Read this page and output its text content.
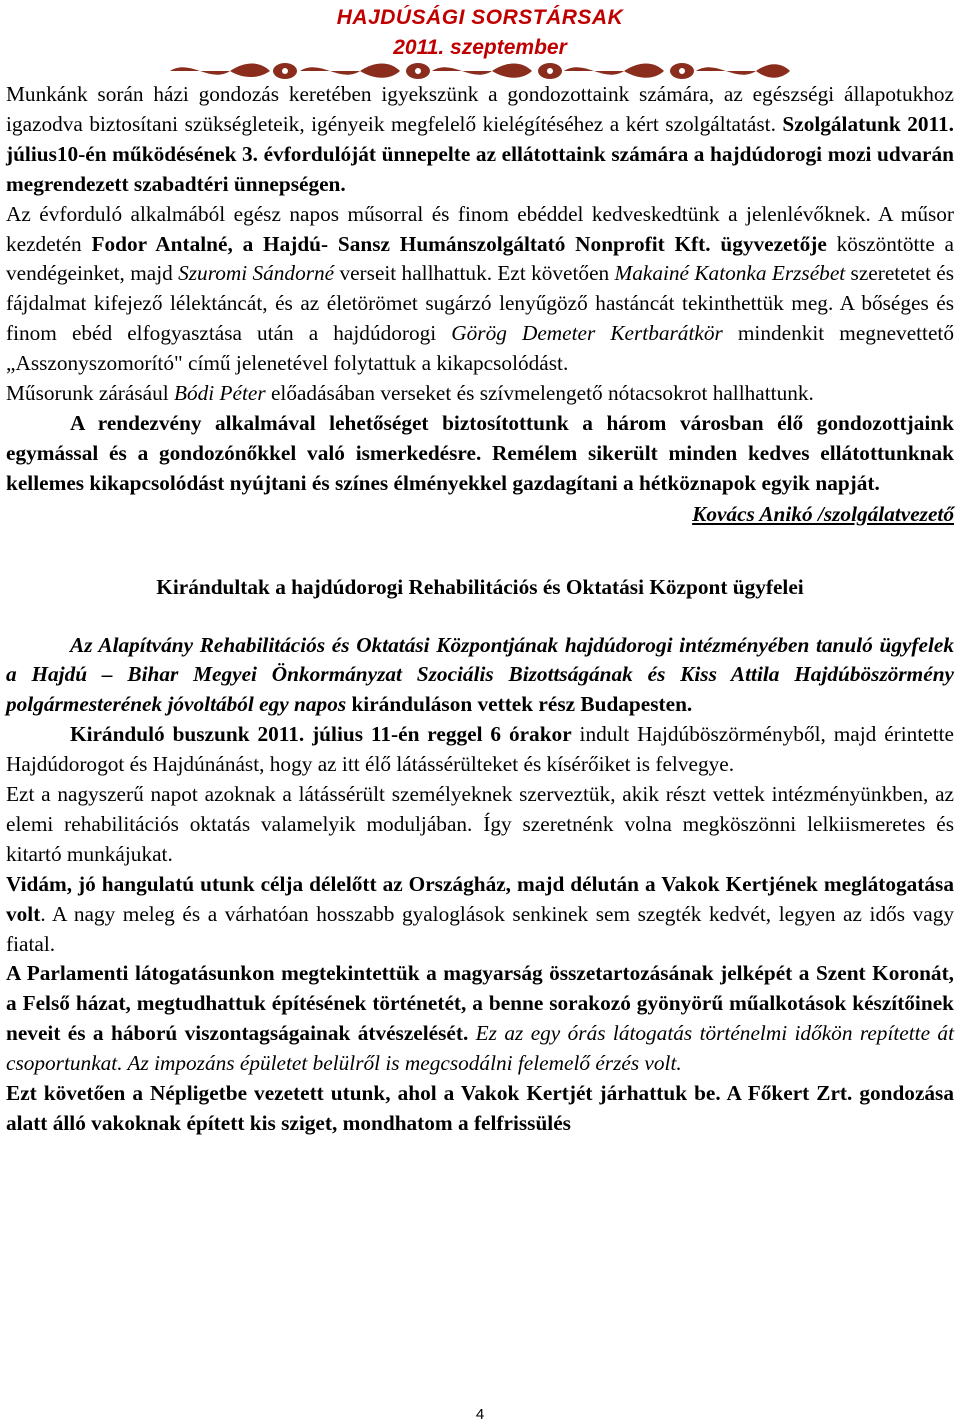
HAJDÚSÁGI SORSTÁRSAK
2011. szeptember

Munkánk során házi gondozás keretében igyekszünk a gondozottaink számára, az egészségi állapotukhoz igazodva biztosítani szükségleteik, igényeik megfelelő kielégítéséhez a kért szolgáltatást. Szolgálatunk 2011. július10-én működésének 3. évfordulóját ünnepelte az ellátottaink számára a hajdúdorogi mozi udvarán megrendezett szabadtéri ünnepségen.

Az évforduló alkalmából egész napos műsorral és finom ebéddel kedveskedtünk a jelenlévőknek. A műsor kezdetén Fodor Antalné, a Hajdú- Sansz Humánszolgáltató Nonprofit Kft. ügyvezetője köszöntötte a vendégeinket, majd Szuromi Sándorné verseit hallhattuk. Ezt követően Makainé Katonka Erzsébet szeretetet és fájdalmat kifejező lélektáncát, és az életörömet sugárzó lenyűgöző hastáncát tekinthettük meg. A bőséges és finom ebéd elfogyasztása után a hajdúdorogi Görög Demeter Kertbarátkör mindenkit megnevettető „Asszonyszomorító" című jelenetével folytattuk a kikapcsolódást.

Műsorunk zárásául Bódi Péter előadásában verseket és szívmelengető nótacsokrot hallhattunk.

A rendezvény alkalmával lehetőséget biztosítottunk a három városban élő gondozottjaink egymással és a gondozónőkkel való ismerkedésre. Remélem sikerült minden kedves ellátottunknak kellemes kikapcsolódást nyújtani és színes élményekkel gazdagítani a hétköznapok egyik napját.

Kovács Anikó /szolgálatvezető

Kirándultak a hajdúdorogi Rehabilitációs és Oktatási Központ ügyfelei

Az Alapítvány Rehabilitációs és Oktatási Központjának hajdúdorogi intézményében tanuló ügyfelek a Hajdú – Bihar Megyei Önkormányzat Szociális Bizottságának és Kiss Attila Hajdúböszörmény polgármesterének jóvoltából egy napos kiránduláson vettek rész Budapesten.

Kiránduló buszunk 2011. július 11-én reggel 6 órakor indult Hajdúböszörményből, majd érintette Hajdúdorogot és Hajdúnánást, hogy az itt élő látássérülteket és kísérőiket is felvegye.

Ezt a nagyszerű napot azoknak a látássérült személyeknek szerveztük, akik részt vettek intézményünkben, az elemi rehabilitációs oktatás valamelyik moduljában. Így szeretnénk volna megköszönni lelkiismeretes és kitartó munkájukat.

Vidám, jó hangulatú utunk célja délelőtt az Országház, majd délután a Vakok Kertjének meglátogatása volt. A nagy meleg és a várhatóan hosszabb gyaloglások senkinek sem szegték kedvét, legyen az idős vagy fiatal.

A Parlamenti látogatásunkon megtekintettük a magyarság összetartozásának jelképét a Szent Koronát, a Felső házat, megtudhattuk építésének történetét, a benne sorakozó gyönyörű műalkotások készítőinek neveit és a háború viszontagságainak átvészelését. Ez az egy órás látogatás történelmi időkön repítette át csoportunkat. Az impozáns épületet belülről is megcsodálni felemelő érzés volt.

Ezt követően a Népligetbe vezetett utunk, ahol a Vakok Kertjét járhattuk be. A Főkert Zrt. gondozása alatt álló vakoknak épített kis sziget, mondhatom a felfrissülés

4
